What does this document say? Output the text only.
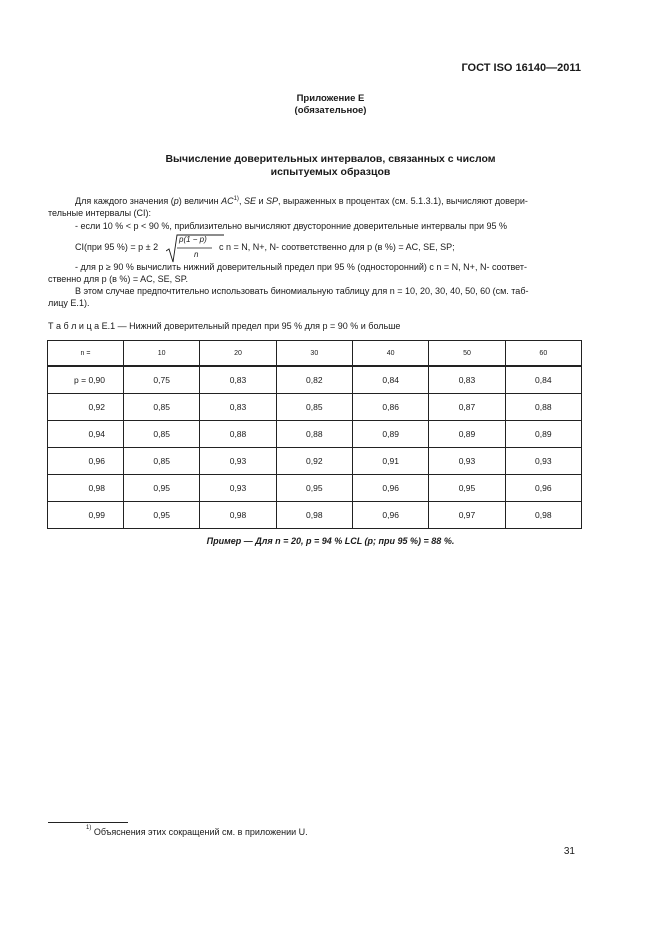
ГОСТ ISO 16140—2011
Приложение Е
(обязательное)
Вычисление доверительных интервалов, связанных с числом
испытуемых образцов
Для каждого значения (p) величин AC$^{1)}$, SE и SP, выраженных в процентах (см. 5.1.3.1), вычисляют довери-
тельные интервалы (CI):
- если 10 % < p < 90 %, приблизительно вычисляют двусторонние доверительные интервалы при 95 %
CI(при 95 %) = p ± 2
p(1 − p)
n
с n = N, N+, N- соответственно для p (в %) = AC, SE, SP;
- для p ≥ 90 % вычислить нижний доверительный предел при 95 % (односторонний) с n = N, N+, N- соответ-
ственно для p (в %) = AC, SE, SP.
В этом случае предпочтительно использовать биномиальную таблицу для n = 10, 20, 30, 40, 50, 60 (см. таб-
лицу E.1).
Т а б л и ц а E.1 — Нижний доверительный предел при 95 % для p = 90 % и больше
n =	10	20	30	40	50	60
p = 0,90	0,75	0,83	0,82	0,84	0,83	0,84
0,92	0,85	0,83	0,85	0,86	0,87	0,88
0,94	0,85	0,88	0,88	0,89	0,89	0,89
0,96	0,85	0,93	0,92	0,91	0,93	0,93
0,98	0,95	0,93	0,95	0,96	0,95	0,96
0,99	0,95	0,98	0,98	0,96	0,97	0,98
Пример — Для n = 20, p = 94 % LCL (p; при 95 %) = 88 %.
$^{1)}$ Объяснения этих сокращений см. в приложении U.
31
